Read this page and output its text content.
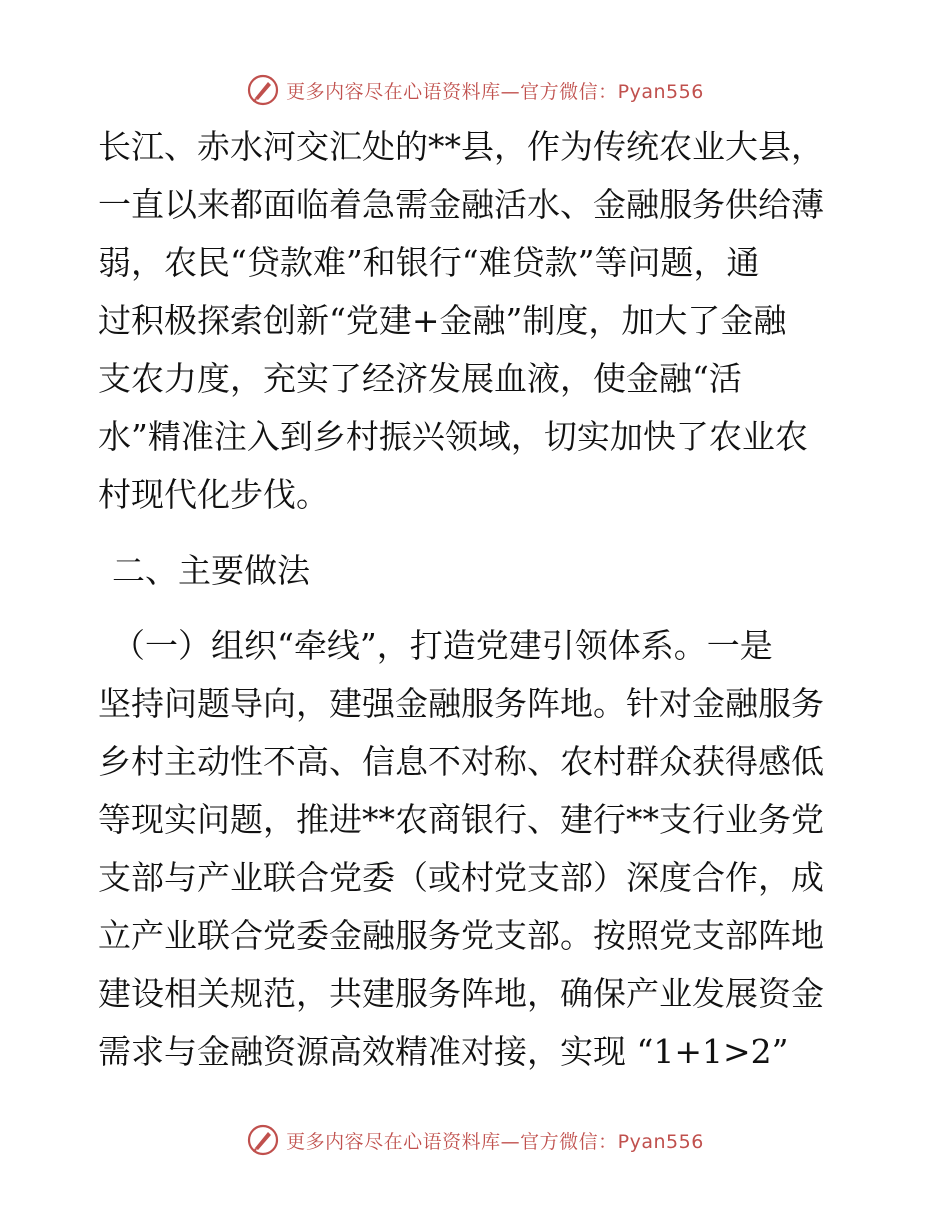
更多内容尽在心语资料库—官方微信：Pyan556

长江、赤水河交汇处的**县，作为传统农业大县，

一直以来都面临着急需金融活水、金融服务供给薄

弱，农民“贷款难”和银行“难贷款”等问题，通

过积极探索创新“党建+金融”制度，加大了金融

支农力度，充实了经济发展血液，使金融“活

水”精准注入到乡村振兴领域，切实加快了农业农

村现代化步伐。

二、主要做法

（一）组织“牵线”，打造党建引领体系。一是

坚持问题导向，建强金融服务阵地。针对金融服务

乡村主动性不高、信息不对称、农村群众获得感低

等现实问题，推进**农商银行、建行**支行业务党

支部与产业联合党委（或村党支部）深度合作，成

立产业联合党委金融服务党支部。按照党支部阵地

建设相关规范，共建服务阵地，确保产业发展资金

需求与金融资源高效精准对接，实现 “1+1>2”

更多内容尽在心语资料库—官方微信：Pyan556
